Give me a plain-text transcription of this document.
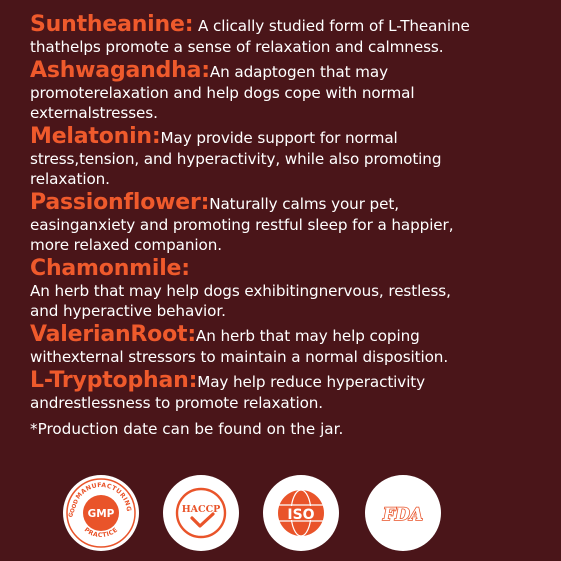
Suntheanine: A clically studied form of L-Theanine
thathelps promote a sense of relaxation and calmness.

Ashwagandha:An adaptogen that may
promoterelaxation and help dogs cope with normal
externalstresses.

Melatonin:May provide support for normal
stress,tension, and hyperactivity, while also promoting
relaxation.

Passionflower:Naturally calms your pet,
easinganxiety and promoting restful sleep for a happier,
more relaxed companion.

Chamonmile:
An herb that may help dogs exhibitingnervous, restless,
and hyperactive behavior.

ValerianRoot:An herb that may help coping
withexternal stressors to maintain a normal disposition.

L-Tryptophan:May help reduce hyperactivity
andrestlessness to promote relaxation.

*Production date can be found on the jar.

MANUFACTURING
GOOD
PRACTICE
GMP	HACCP	ISO	FDA
